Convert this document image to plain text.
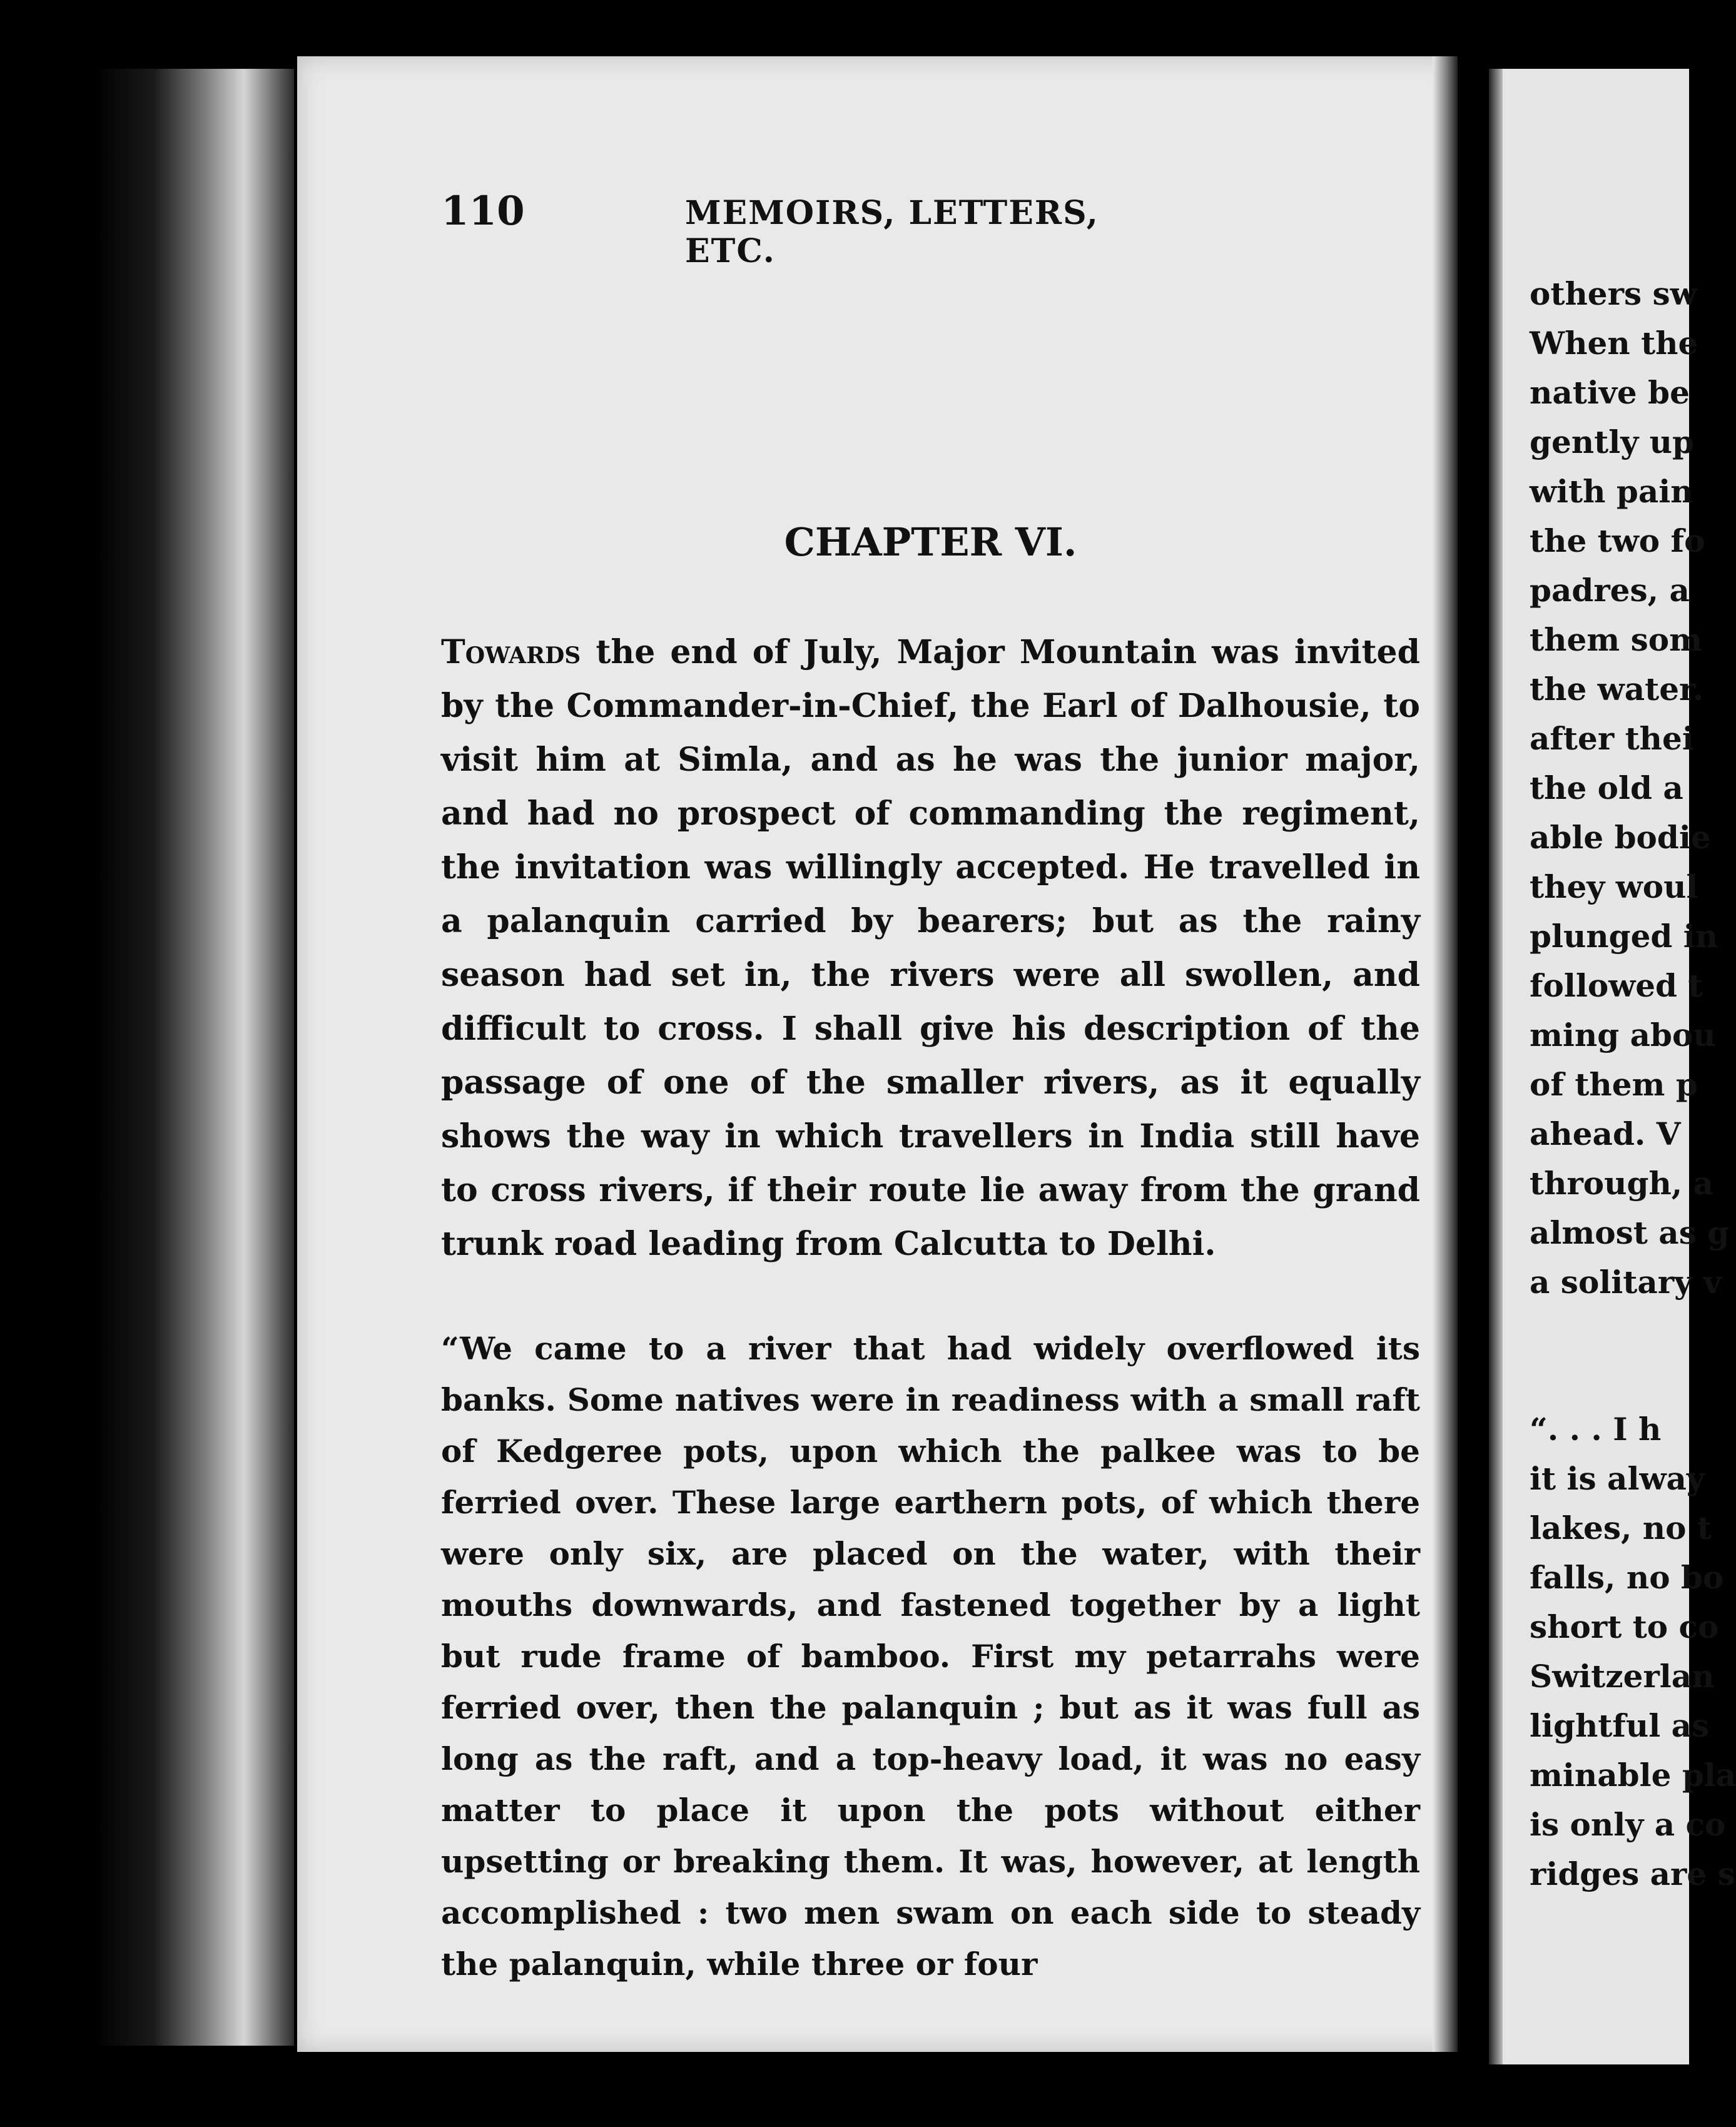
110	MEMOIRS, LETTERS, ETC.
CHAPTER VI.
Towards the end of July, Major Mountain was invited by the Commander-in-Chief, the Earl of Dalhousie, to visit him at Simla, and as he was the junior major, and had no prospect of commanding the regiment, the invitation was willingly accepted. He travelled in a palanquin carried by bearers; but as the rainy season had set in, the rivers were all swollen, and difficult to cross. I shall give his description of the passage of one of the smaller rivers, as it equally shows the way in which travellers in India still have to cross rivers, if their route lie away from the grand trunk road leading from Calcutta to Delhi.
“We came to a river that had widely overflowed its banks. Some natives were in readiness with a small raft of Kedgeree pots, upon which the palkee was to be ferried over. These large earthern pots, of which there were only six, are placed on the water, with their mouths downwards, and fastened together by a light but rude frame of bamboo. First my petarrahs were ferried over, then the palanquin ; but as it was full as long as the raft, and a top-heavy load, it was no easy matter to place it upon the pots without either upsetting or breaking them. It was, however, at length accomplished : two men swam on each side to steady the palanquin, while three or four
others sw
When the
native be
gently up
with pain
the two fo
padres, a
them som
the water.
after thei
the old a
able bodie
they woul
plunged in
followed t
ming abou
of them p
ahead. V
through, a
almost as g
a solitary v
“. . . I h
it is alway
lakes, no t
falls, no bo
short to co
Switzerlan
lightful as
minable pla
is only a co
ridges are s
